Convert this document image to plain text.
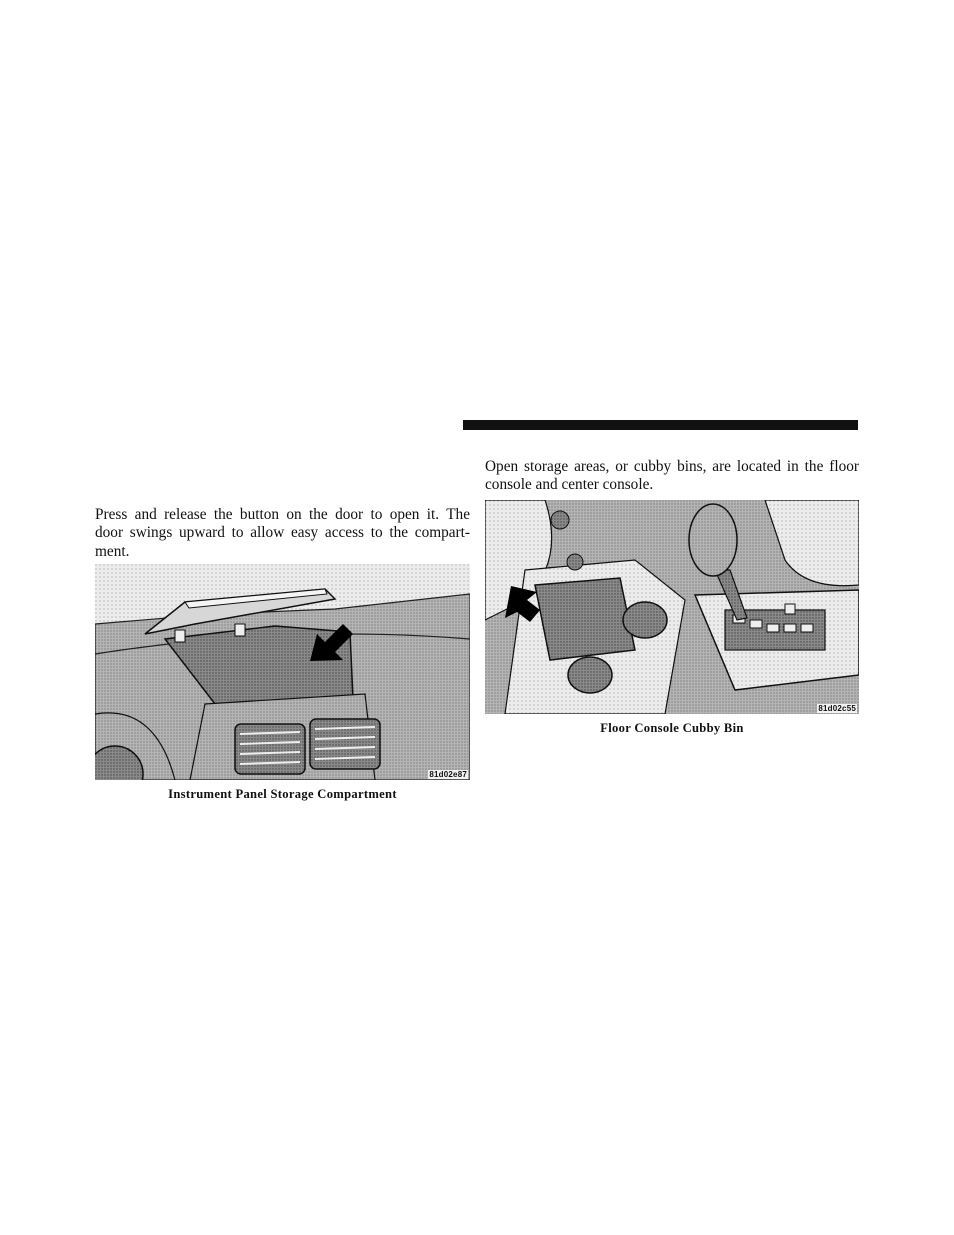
Press and release the button on the door to open it. The
door swings upward to allow easy access to the compart-
ment.

81d02e87

Instrument Panel Storage Compartment

Open storage areas, or cubby bins, are located in the floor
console and center console.

81d02c55

Floor Console Cubby Bin
